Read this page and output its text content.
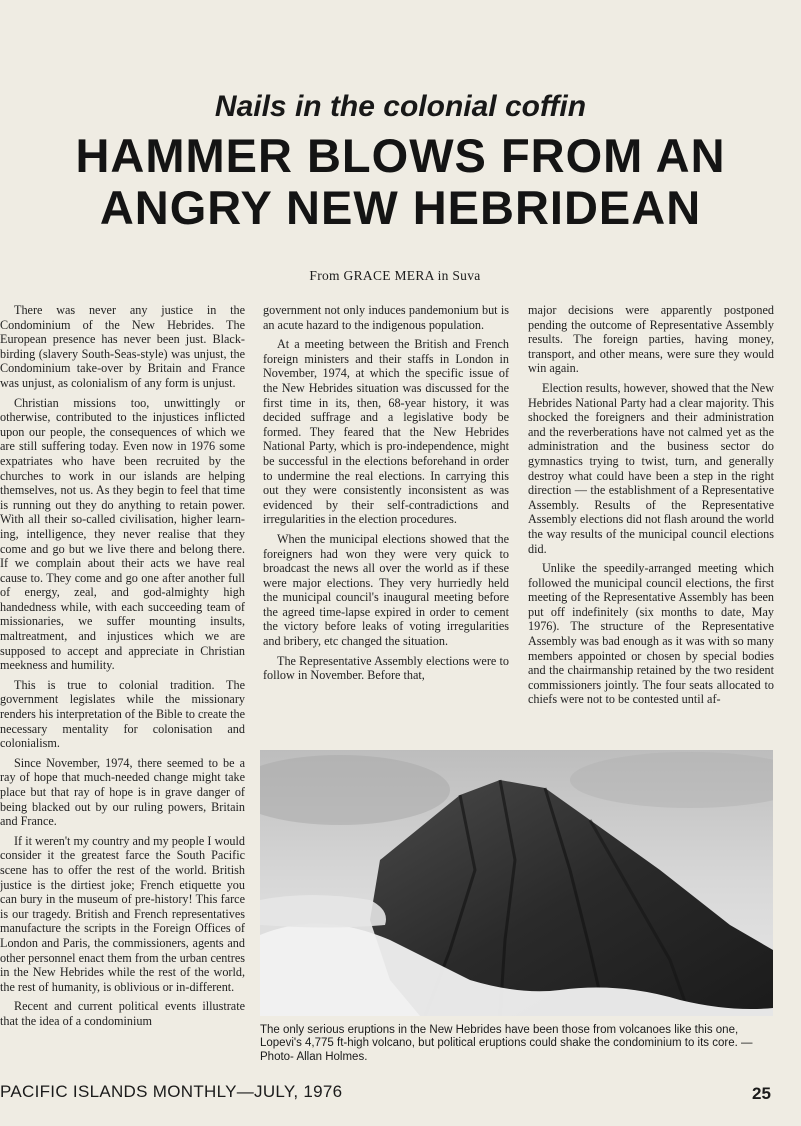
Nails in the colonial coffin
HAMMER BLOWS FROM AN
ANGRY NEW HEBRIDEAN
From GRACE MERA in Suva

There was never any justice in the Condominium of the New Hebrides. The European presence has never been just. Black-birding (slavery South-Seas-style) was unjust, the Condominium take-over by Britain and France was unjust, as colonialism of any form is unjust.

Christian missions too, unwittingly or otherwise, contributed to the injustices inflicted upon our people, the consequences of which we are still suffering today. Even now in 1976 some expatriates who have been recruited by the churches to work in our islands are helping themselves, not us. As they begin to feel that time is running out they do anything to retain power. With all their so-called civilisation, higher learn-ing, intelligence, they never realise that they come and go but we live there and belong there. If we complain about their acts we have real cause to. They come and go one after another full of energy, zeal, and god-almighty high handedness while, with each succeeding team of missionaries, we suffer mounting insults, maltreatment, and injustices which we are supposed to accept and appreciate in Christian meekness and humility.

This is true to colonial tradition. The government legislates while the missionary renders his interpretation of the Bible to create the necessary mentality for colonisation and colonialism.

Since November, 1974, there seemed to be a ray of hope that much-needed change might take place but that ray of hope is in grave danger of being blacked out by our ruling powers, Britain and France.

If it weren't my country and my people I would consider it the greatest farce the South Pacific scene has to offer the rest of the world. British justice is the dirtiest joke; French etiquette you can bury in the museum of pre-history! This farce is our tragedy. British and French representatives manufacture the scripts in the Foreign Offices of London and Paris, the commissioners, agents and other personnel enact them from the urban centres in the New Hebrides while the rest of the world, the rest of humanity, is oblivious or in-different.

Recent and current political events illustrate that the idea of a condominium

government not only induces pandemonium but is an acute hazard to the indigenous population.

At a meeting between the British and French foreign ministers and their staffs in London in November, 1974, at which the specific issue of the New Hebrides situation was discussed for the first time in its, then, 68-year history, it was decided suffrage and a legislative body be formed. They feared that the New Hebrides National Party, which is pro-independence, might be successful in the elections beforehand in order to undermine the real elections. In carrying this out they were consistently inconsistent as was evidenced by their self-contradictions and irregularities in the election procedures.

When the municipal elections showed that the foreigners had won they were very quick to broadcast the news all over the world as if these were major elections. They very hurriedly held the municipal council's inaugural meeting before the agreed time-lapse expired in order to cement the victory before leaks of voting irregularities and bribery, etc changed the situation.

The Representative Assembly elections were to follow in November. Before that,

major decisions were apparently postponed pending the outcome of Representative Assembly results. The foreign parties, having money, transport, and other means, were sure they would win again.

Election results, however, showed that the New Hebrides National Party had a clear majority. This shocked the foreigners and their administration and the reverberations have not calmed yet as the administration and the business sector do gymnastics trying to twist, turn, and generally destroy what could have been a step in the right direction — the establishment of a Representative Assembly. Results of the Representative Assembly elections did not flash around the world the way results of the municipal council elections did.

Unlike the speedily-arranged meeting which followed the municipal council elections, the first meeting of the Representative Assembly has been put off indefinitely (six months to date, May 1976). The structure of the Representative Assembly was bad enough as it was with so many members appointed or chosen by special bodies and the chairmanship retained by the two resident commissioners jointly. The four seats allocated to chiefs were not to be contested until af-

The only serious eruptions in the New Hebrides have been those from volcanoes like this one, Lopevi's 4,775 ft-high volcano, but political eruptions could shake the condominium to its core. —Photo- Allan Holmes.
PACIFIC ISLANDS MONTHLY—JULY, 1976	25
